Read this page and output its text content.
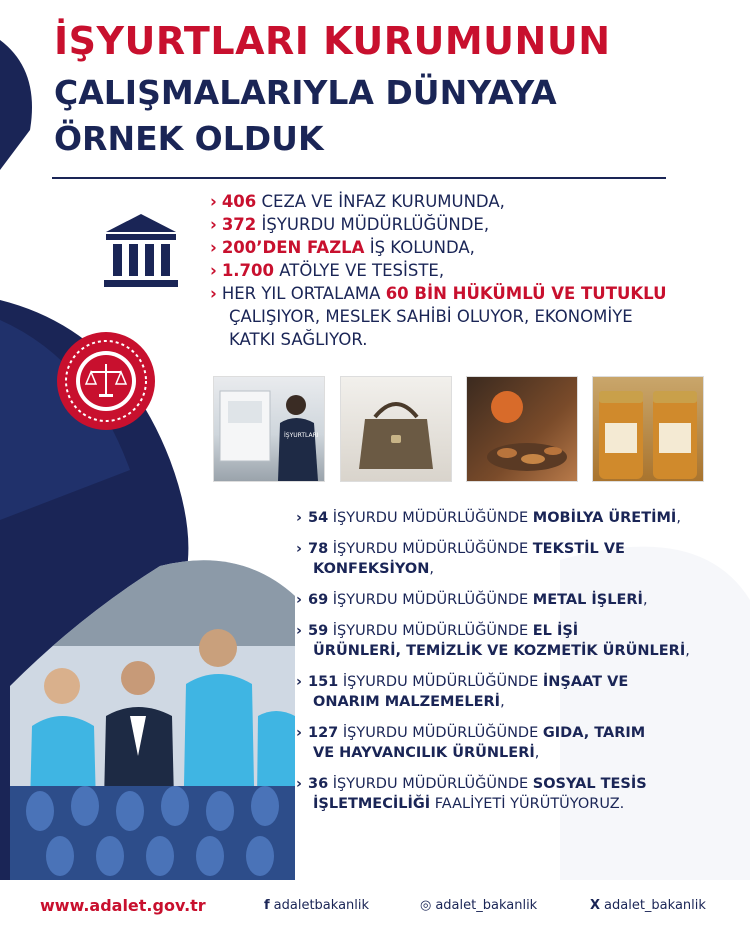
İŞYURTLARI KURUMUNUN
ÇALIŞMALARIYLA DÜNYAYA
ÖRNEK OLDUK
› 406 CEZA VE İNFAZ KURUMUNDA,
› 372 İŞYURDU MÜDÜRLÜĞÜNDE,
› 200’DEN FAZLA İŞ KOLUNDA,
› 1.700 ATÖLYE VE TESİSTE,
› HER YIL ORTALAMA 60 BİN HÜKÜMLÜ VE TUTUKLU
ÇALIŞIYOR, MESLEK SAHİBİ OLUYOR, EKONOMİYE
KATKI SAĞLIYOR.
İŞYURTLARI
› 54 İŞYURDU MÜDÜRLÜĞÜNDE MOBİLYA ÜRETİMİ,
› 78 İŞYURDU MÜDÜRLÜĞÜNDE TEKSTİL VE
KONFEKSİYON,
› 69 İŞYURDU MÜDÜRLÜĞÜNDE METAL İŞLERİ,
› 59 İŞYURDU MÜDÜRLÜĞÜNDE EL İŞİ
ÜRÜNLERİ, TEMİZLİK VE KOZMETİK ÜRÜNLERİ,
› 151 İŞYURDU MÜDÜRLÜĞÜNDE İNŞAAT VE
ONARIM MALZEMELERİ,
› 127 İŞYURDU MÜDÜRLÜĞÜNDE GIDA, TARIM
VE HAYVANCILIK ÜRÜNLERİ,
› 36 İŞYURDU MÜDÜRLÜĞÜNDE SOSYAL TESİS
İŞLETMECİLİĞİ FAALİYETİ YÜRÜTÜYORUZ.
www.adalet.gov.tr	f adaletbakanlik	◎ adalet_bakanlik	X adalet_bakanlik
